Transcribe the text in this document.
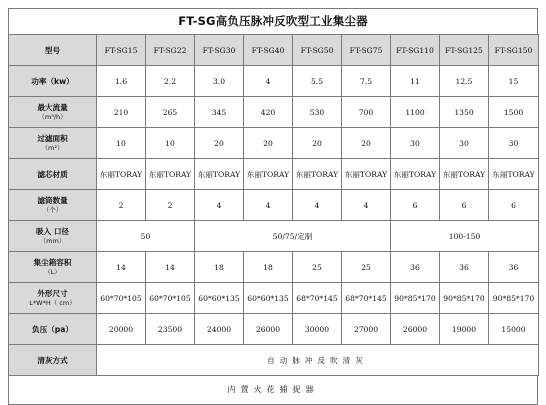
FT-SG高负压脉冲反吹型工业集尘器
型号	FT-SG15	FT-SG22	FT-SG30	FT-SG40	FT-SG50	FT-SG75	FT-SG110	FT-SG125	FT-SG150
功率（kw）	1.6	2.2	3.0	4	5.5	7.5	11	12.5	15

最大流量
（m³/h）	210	265	345	420	530	700	1100	1350	1500

过滤面积
（m²）	10	10	20	20	20	20	30	30	30
滤芯材质	东丽TORAY	东丽TORAY	东丽TORAY	东丽TORAY	东丽TORAY	东丽TORAY	东丽TORAY	东丽TORAY	东丽TORAY

滤筒数量
（个）	2	2	4	4	4	4	6	6	6

吸入 口径
（mm）	50		50/75/定制				100-150		

集尘箱容积
（L）	14	14	18	18	25	25	36	36	36

外形尺寸
L*W*H（ cm）	60*70*105	60*70*105	60*60*135	60*60*135	68*70*145	68*70*145	90*85*170	90*85*170	90*85*170
负压（pa）	20000	23500	24000	26000	30000	27000	26000	19000	15000
清灰方式	自动脉冲反吹清灰								
内置火花捕捉器
